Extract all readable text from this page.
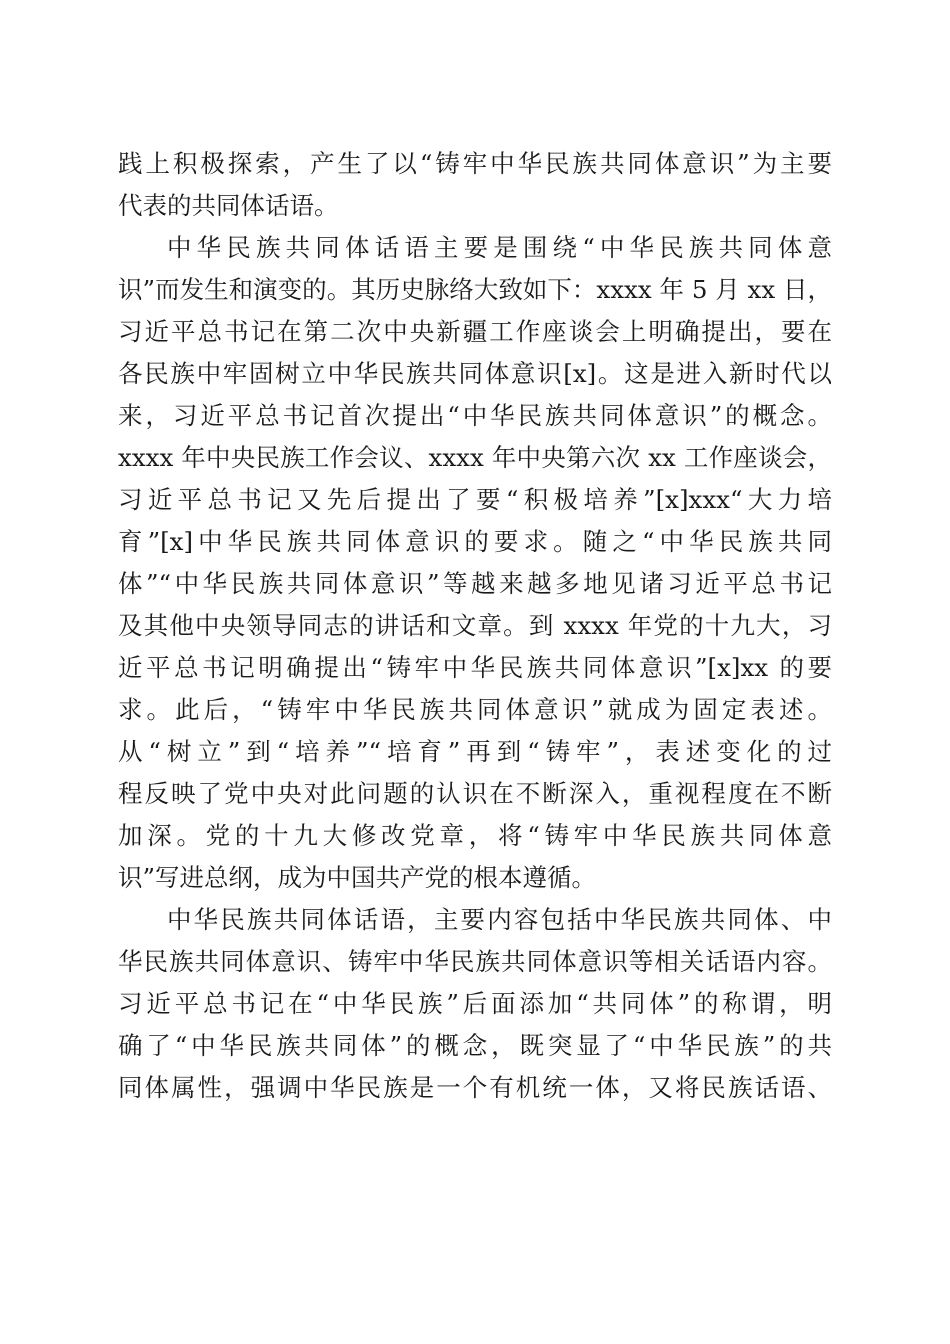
践上积极探索，产生了以“铸牢中华民族共同体意识”为主要
代表的共同体话语。
中华民族共同体话语主要是围绕“中华民族共同体意
识”而发生和演变的。其历史脉络大致如下：xxxx 年 5 月 xx 日，
习近平总书记在第二次中央新疆工作座谈会上明确提出，要在
各民族中牢固树立中华民族共同体意识[x]。这是进入新时代以
来，习近平总书记首次提出“中华民族共同体意识”的概念。
xxxx 年中央民族工作会议、xxxx 年中央第六次 xx 工作座谈会，
习近平总书记又先后提出了要“积极培养”[x]xxx“大力培
育”[x]中华民族共同体意识的要求。随之“中华民族共同
体”“中华民族共同体意识”等越来越多地见诸习近平总书记
及其他中央领导同志的讲话和文章。到 xxxx 年党的十九大，习
近平总书记明确提出“铸牢中华民族共同体意识”[x]xx 的要
求。此后，“铸牢中华民族共同体意识”就成为固定表述。
从“树立”到“培养”“培育”再到“铸牢”，表述变化的过
程反映了党中央对此问题的认识在不断深入，重视程度在不断
加深。党的十九大修改党章，将“铸牢中华民族共同体意
识”写进总纲，成为中国共产党的根本遵循。
中华民族共同体话语，主要内容包括中华民族共同体、中
华民族共同体意识、铸牢中华民族共同体意识等相关话语内容。
习近平总书记在“中华民族”后面添加“共同体”的称谓，明
确了“中华民族共同体”的概念，既突显了“中华民族”的共
同体属性，强调中华民族是一个有机统一体，又将民族话语、
